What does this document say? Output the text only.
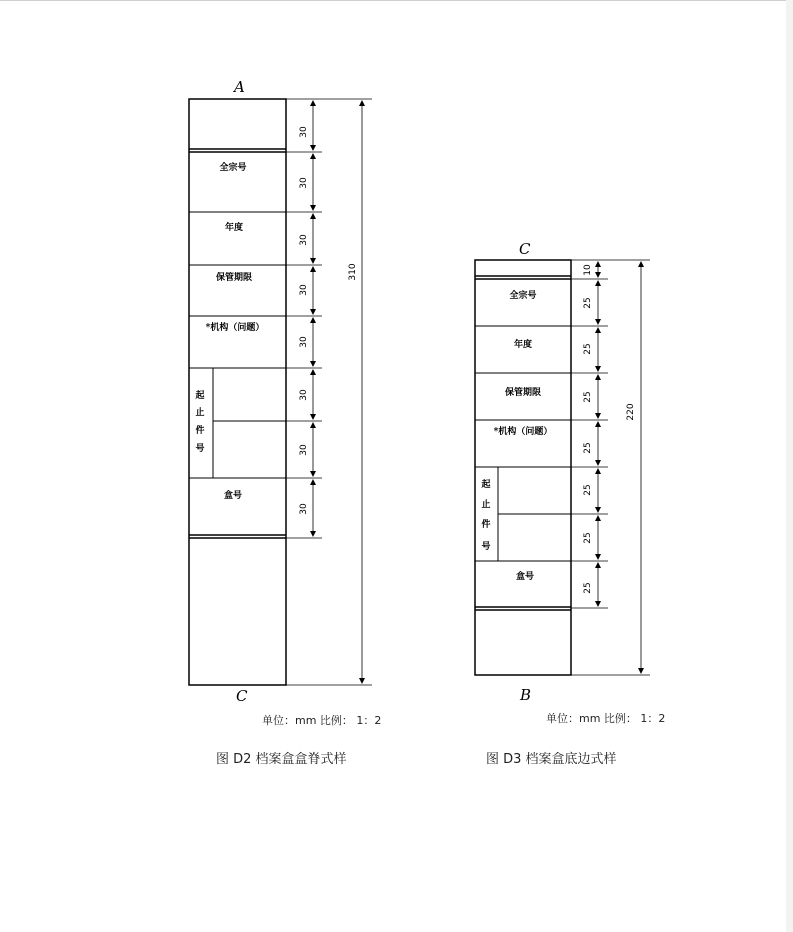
A
全宗号
年度
保管期限
*机构（问题）
起
止
件
号
盒号
30
30
30
30
30
30
30
30
310
C
C
全宗号
年度
保管期限
*机构（问题）
起
止
件
号
盒号
10
25
25
25
25
25
25
25
220
B
单位：mm 比例： 1：2	单位：mm 比例： 1：2
图 D2 档案盒盒脊式样	图 D3 档案盒底边式样
